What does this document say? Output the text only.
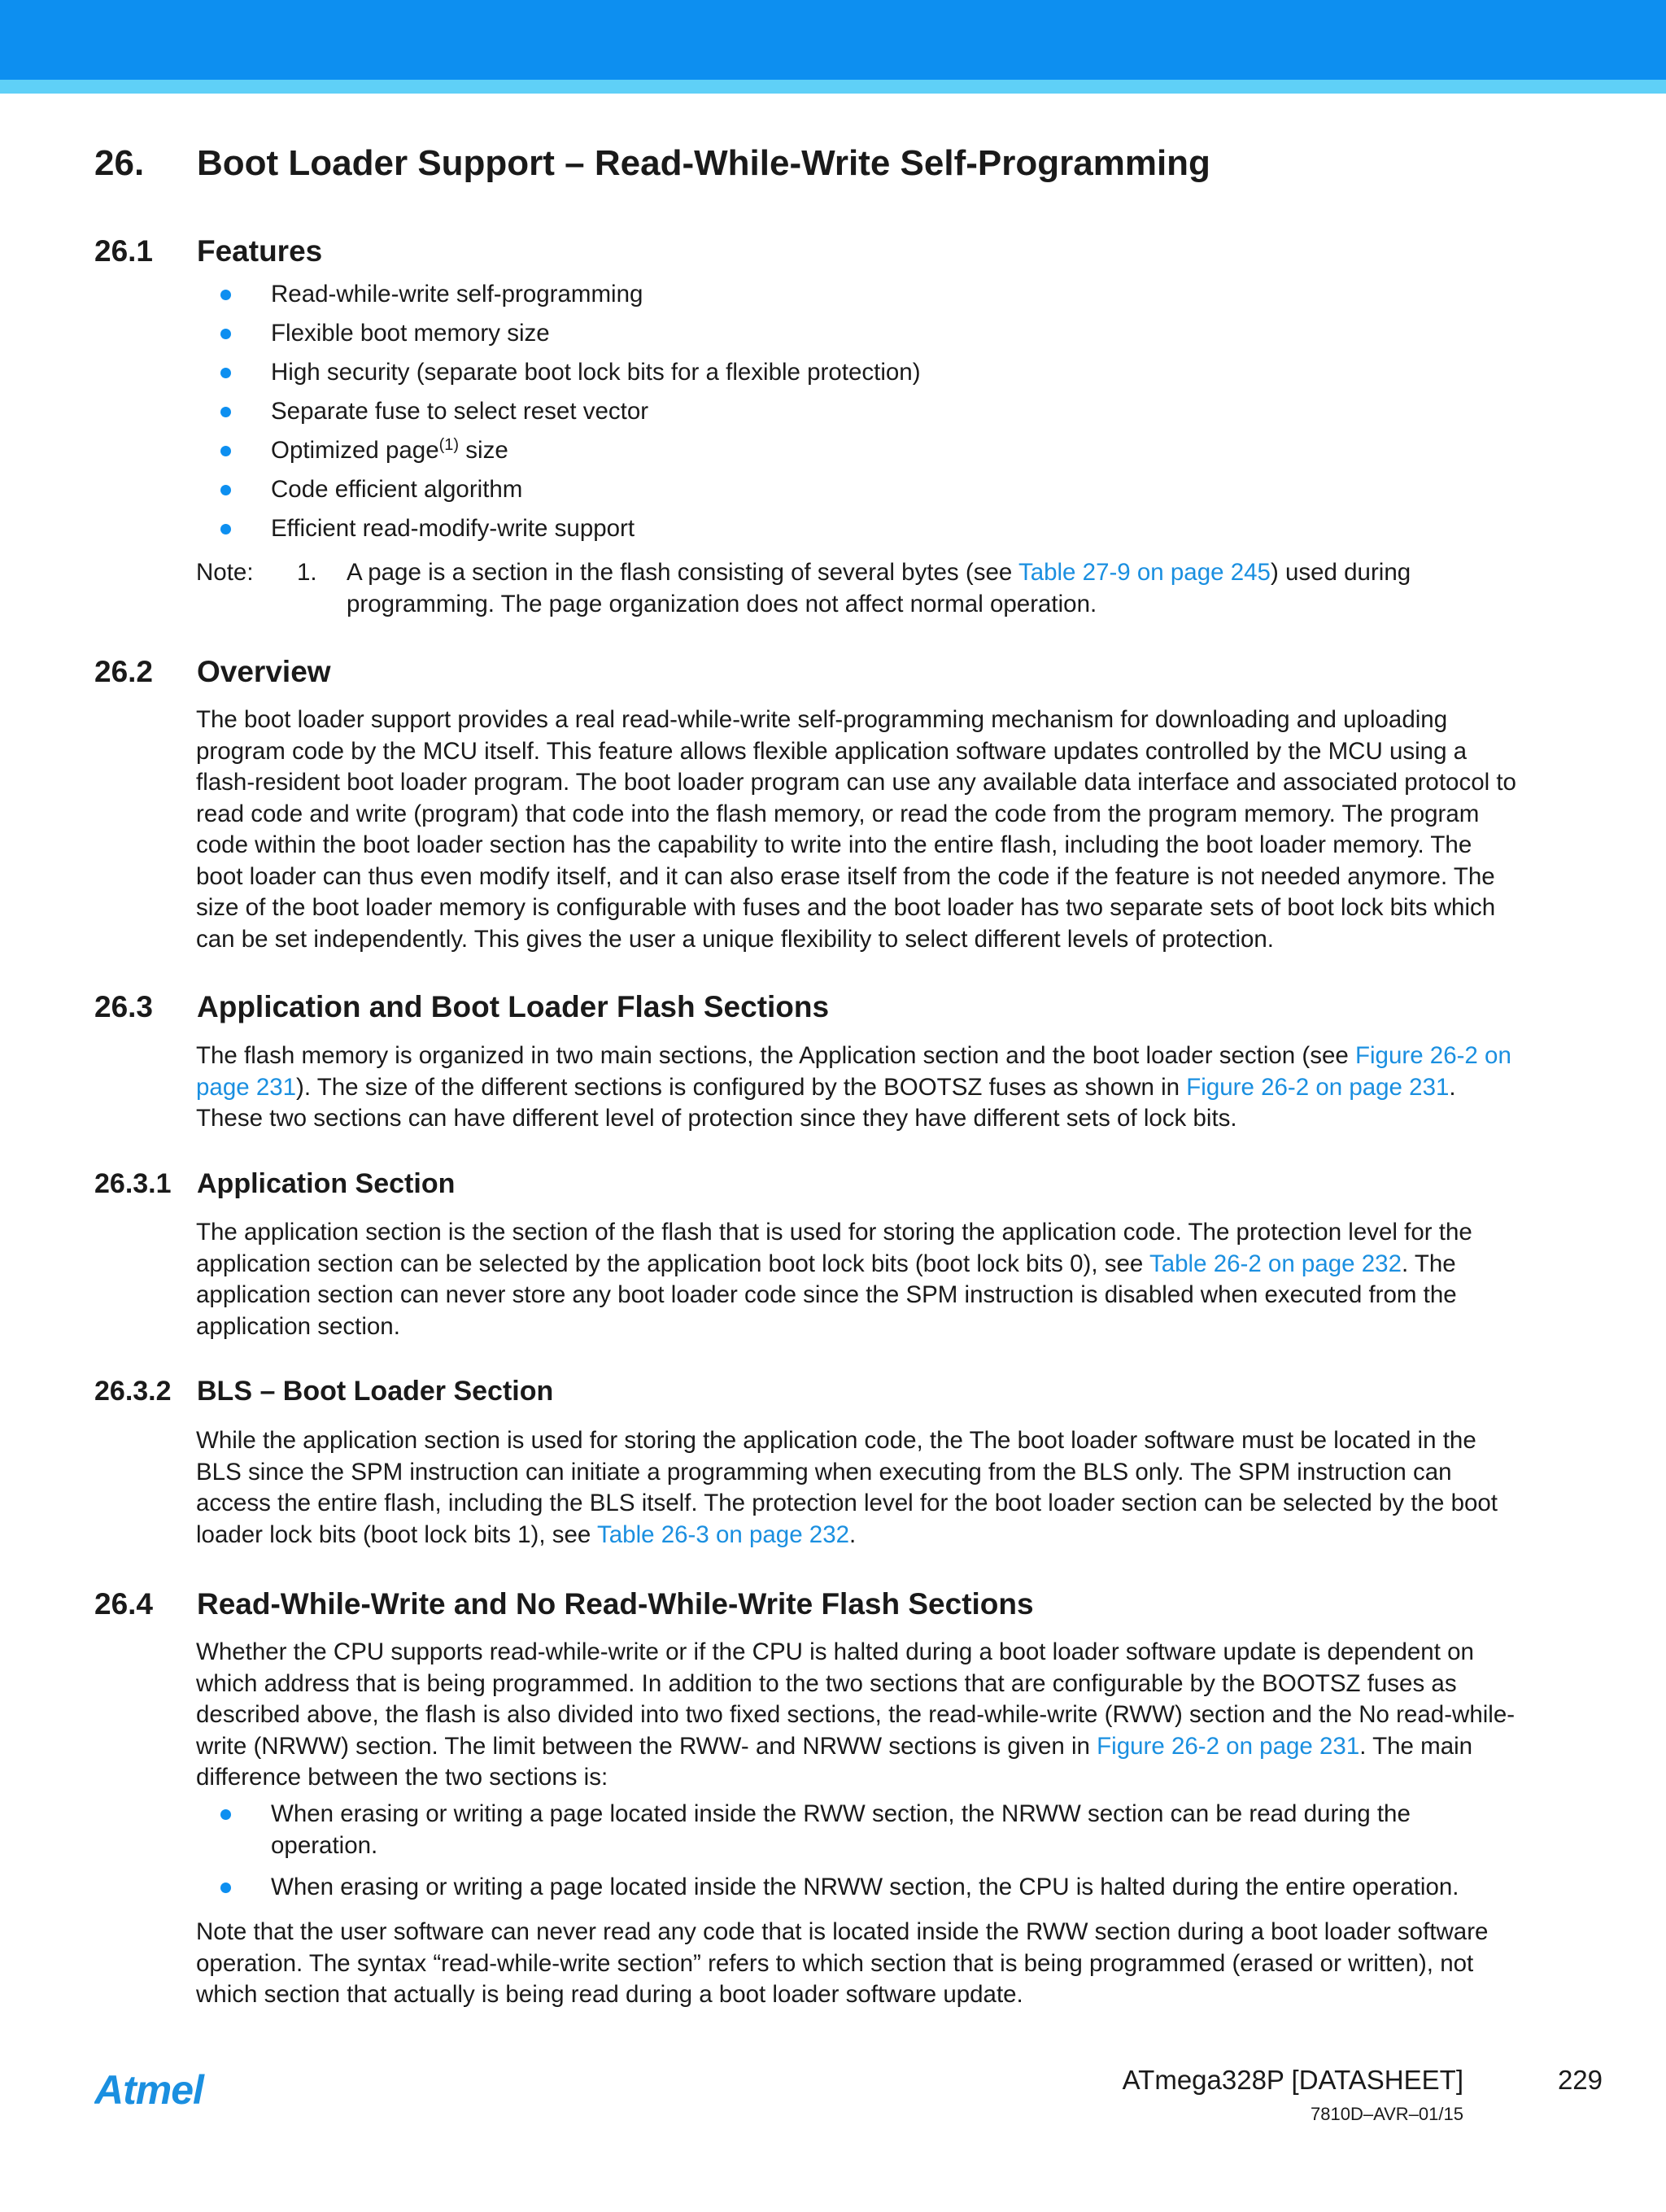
26.	Boot Loader Support – Read-While-Write Self-Programming
26.1 Features
Read-while-write self-programming
Flexible boot memory size
High security (separate boot lock bits for a flexible protection)
Separate fuse to select reset vector
Optimized page$^{(1)}$ size
Code efficient algorithm
Efficient read-modify-write support
Note: 1. A page is a section in the flash consisting of several bytes (see Table 27-9 on page 245) used during
programming. The page organization does not affect normal operation.
26.2 Overview
The boot loader support provides a real read-while-write self-programming mechanism for downloading and uploading
program code by the MCU itself. This feature allows flexible application software updates controlled by the MCU using a
flash-resident boot loader program. The boot loader program can use any available data interface and associated protocol to
read code and write (program) that code into the flash memory, or read the code from the program memory. The program
code within the boot loader section has the capability to write into the entire flash, including the boot loader memory. The
boot loader can thus even modify itself, and it can also erase itself from the code if the feature is not needed anymore. The
size of the boot loader memory is configurable with fuses and the boot loader has two separate sets of boot lock bits which
can be set independently. This gives the user a unique flexibility to select different levels of protection.
26.3 Application and Boot Loader Flash Sections
The flash memory is organized in two main sections, the Application section and the boot loader section (see Figure 26-2 on
page 231). The size of the different sections is configured by the BOOTSZ fuses as shown in Figure 26-2 on page 231.
These two sections can have different level of protection since they have different sets of lock bits.
26.3.1 Application Section
The application section is the section of the flash that is used for storing the application code. The protection level for the
application section can be selected by the application boot lock bits (boot lock bits 0), see Table 26-2 on page 232. The
application section can never store any boot loader code since the SPM instruction is disabled when executed from the
application section.
26.3.2 BLS – Boot Loader Section
While the application section is used for storing the application code, the The boot loader software must be located in the
BLS since the SPM instruction can initiate a programming when executing from the BLS only. The SPM instruction can
access the entire flash, including the BLS itself. The protection level for the boot loader section can be selected by the boot
loader lock bits (boot lock bits 1), see Table 26-3 on page 232.
26.4 Read-While-Write and No Read-While-Write Flash Sections
Whether the CPU supports read-while-write or if the CPU is halted during a boot loader software update is dependent on
which address that is being programmed. In addition to the two sections that are configurable by the BOOTSZ fuses as
described above, the flash is also divided into two fixed sections, the read-while-write (RWW) section and the No read-while-
write (NRWW) section. The limit between the RWW- and NRWW sections is given in Figure 26-2 on page 231. The main
difference between the two sections is:
When erasing or writing a page located inside the RWW section, the NRWW section can be read during the
operation.
When erasing or writing a page located inside the NRWW section, the CPU is halted during the entire operation.
Note that the user software can never read any code that is located inside the RWW section during a boot loader software
operation. The syntax “read-while-write section” refers to which section that is being programmed (erased or written), not
which section that actually is being read during a boot loader software update.
Atmel	ATmega328P [DATASHEET]	229
7810D–AVR–01/15
